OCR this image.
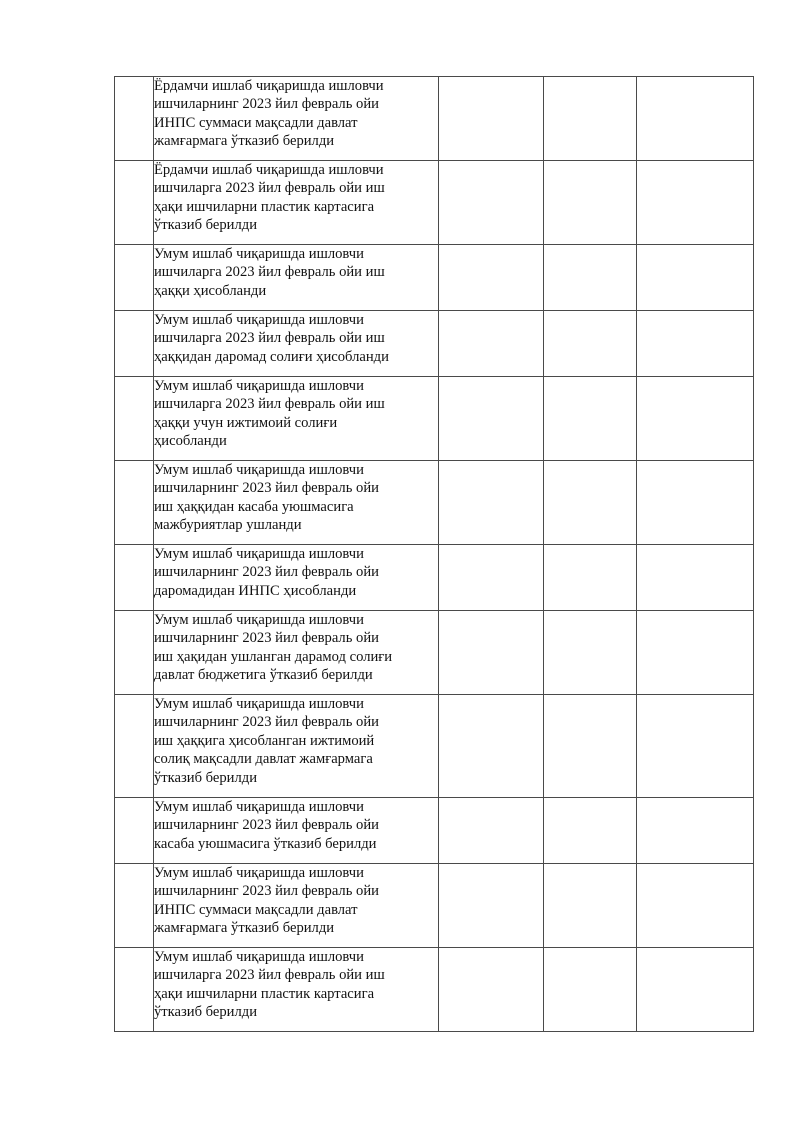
	Ёрдамчи ишлаб чиқаришда ишловчи
ишчиларнинг 2023 йил февраль ойи
ИНПС суммаси мақсадли давлат
жамғармага ўтказиб берилди			

	Ёрдамчи ишлаб чиқаришда ишловчи
ишчиларга 2023 йил февраль ойи иш
ҳақи ишчиларни пластик картасига
ўтказиб берилди			

	Умум ишлаб чиқаришда ишловчи
ишчиларга 2023 йил февраль ойи иш
ҳаққи ҳисобланди			

	Умум ишлаб чиқаришда ишловчи
ишчиларга 2023 йил февраль ойи иш
ҳаққидан даромад солиғи ҳисобланди			

	Умум ишлаб чиқаришда ишловчи
ишчиларга 2023 йил февраль ойи иш
ҳаққи учун ижтимоий солиғи
ҳисобланди			

	Умум ишлаб чиқаришда ишловчи
ишчиларнинг 2023 йил февраль ойи
иш ҳаққидан касаба уюшмасига
мажбуриятлар ушланди			

	Умум ишлаб чиқаришда ишловчи
ишчиларнинг 2023 йил февраль ойи
даромадидан ИНПС ҳисобланди			

	Умум ишлаб чиқаришда ишловчи
ишчиларнинг 2023 йил февраль ойи
иш ҳақидан ушланган дарамод солиғи
давлат бюджетига ўтказиб берилди			

	Умум ишлаб чиқаришда ишловчи
ишчиларнинг 2023 йил февраль ойи
иш ҳаққига ҳисобланган ижтимоий
солиқ мақсадли давлат жамғармага
ўтказиб берилди			

	Умум ишлаб чиқаришда ишловчи
ишчиларнинг 2023 йил февраль ойи
касаба уюшмасига ўтказиб берилди			

	Умум ишлаб чиқаришда ишловчи
ишчиларнинг 2023 йил февраль ойи
ИНПС суммаси мақсадли давлат
жамғармага ўтказиб берилди			

	Умум ишлаб чиқаришда ишловчи
ишчиларга 2023 йил февраль ойи иш
ҳақи ишчиларни пластик картасига
ўтказиб берилди			
